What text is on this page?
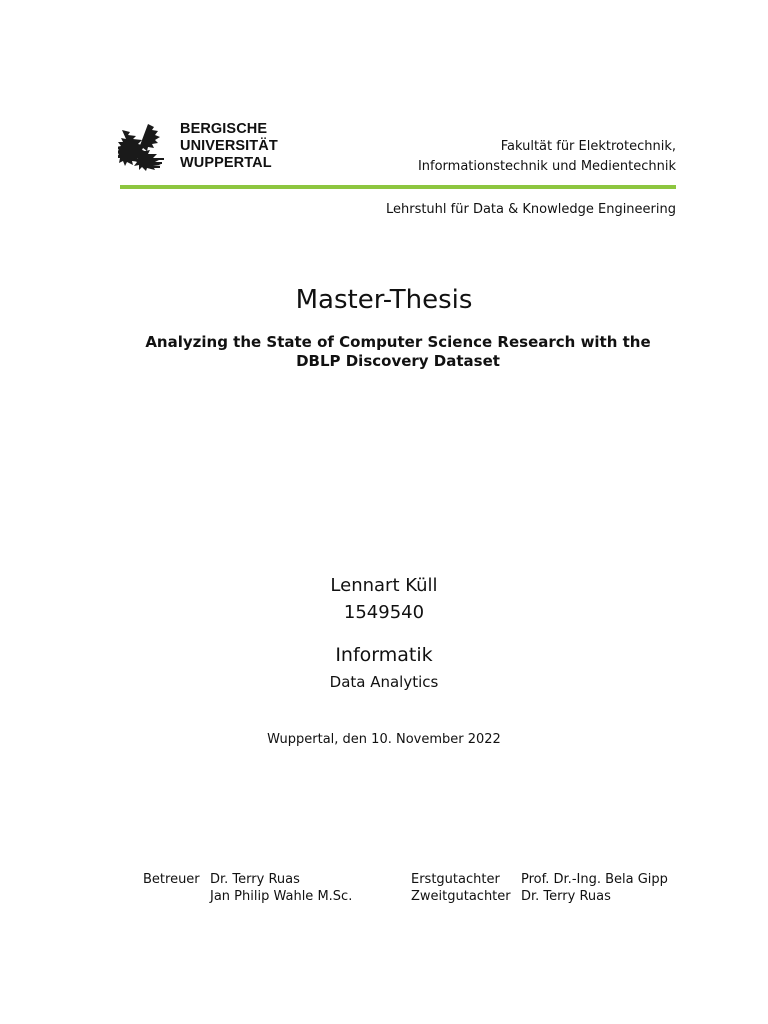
BERGISCHE
UNIVERSITÄT
WUPPERTAL
Fakultät für Elektrotechnik,
Informationstechnik und Medientechnik
Lehrstuhl für Data & Knowledge Engineering
Master-Thesis
Analyzing the State of Computer Science Research with the
DBLP Discovery Dataset
Lennart Küll
1549540
Informatik
Data Analytics
Wuppertal, den 10. November 2022
Betreuer Dr. Terry Ruas
Jan Philip Wahle M.Sc.
Erstgutachter
Zweitgutachter
Prof. Dr.-Ing. Bela Gipp
Dr. Terry Ruas
